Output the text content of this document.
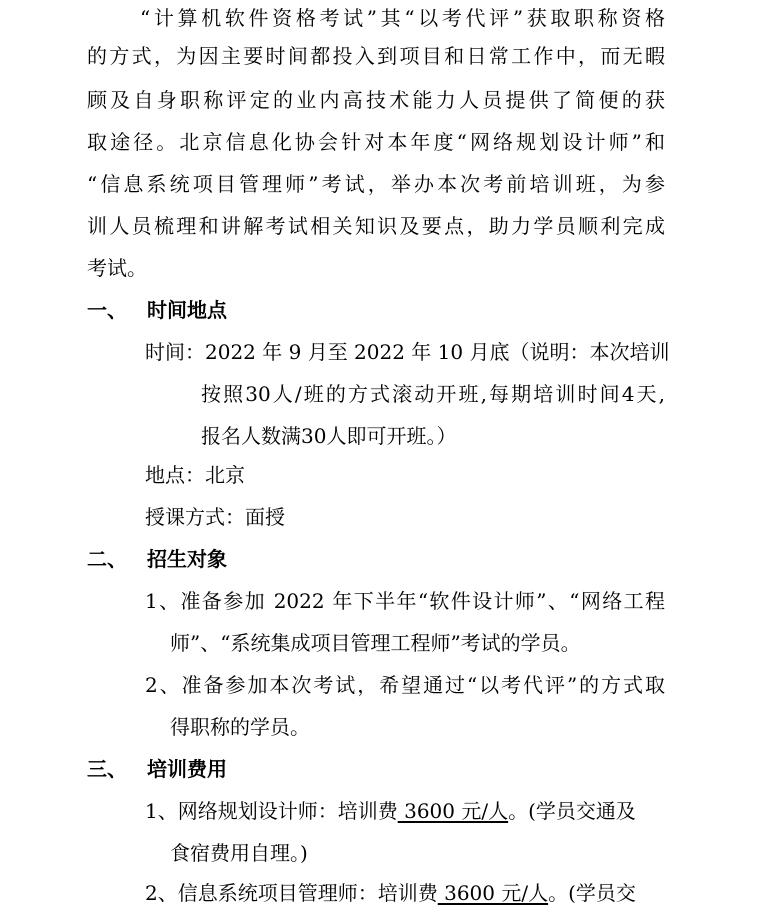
“计算机软件资格考试”其“以考代评”获取职称资格
的方式，为因主要时间都投入到项目和日常工作中，而无暇
顾及自身职称评定的业内高技术能力人员提供了简便的获
取途径。北京信息化协会针对本年度“网络规划设计师”和
“信息系统项目管理师”考试，举办本次考前培训班，为参
训人员梳理和讲解考试相关知识及要点，助力学员顺利完成
考试。
一、 时间地点
时间：2022 年 9 月至 2022 年 10 月底（说明：本次培训
按照30人/班的方式滚动开班,每期培训时间4天,
报名人数满30人即可开班。）
地点：北京
授课方式：面授
二、 招生对象
1、准备参加 2022 年下半年“软件设计师”、“网络工程
师”、“系统集成项目管理工程师”考试的学员。
2、准备参加本次考试，希望通过“以考代评”的方式取
得职称的学员。
三、 培训费用
1、网络规划设计师：培训费 3600 元/人。(学员交通及
食宿费用自理。)
2、信息系统项目管理师：培训费 3600 元/人。(学员交
